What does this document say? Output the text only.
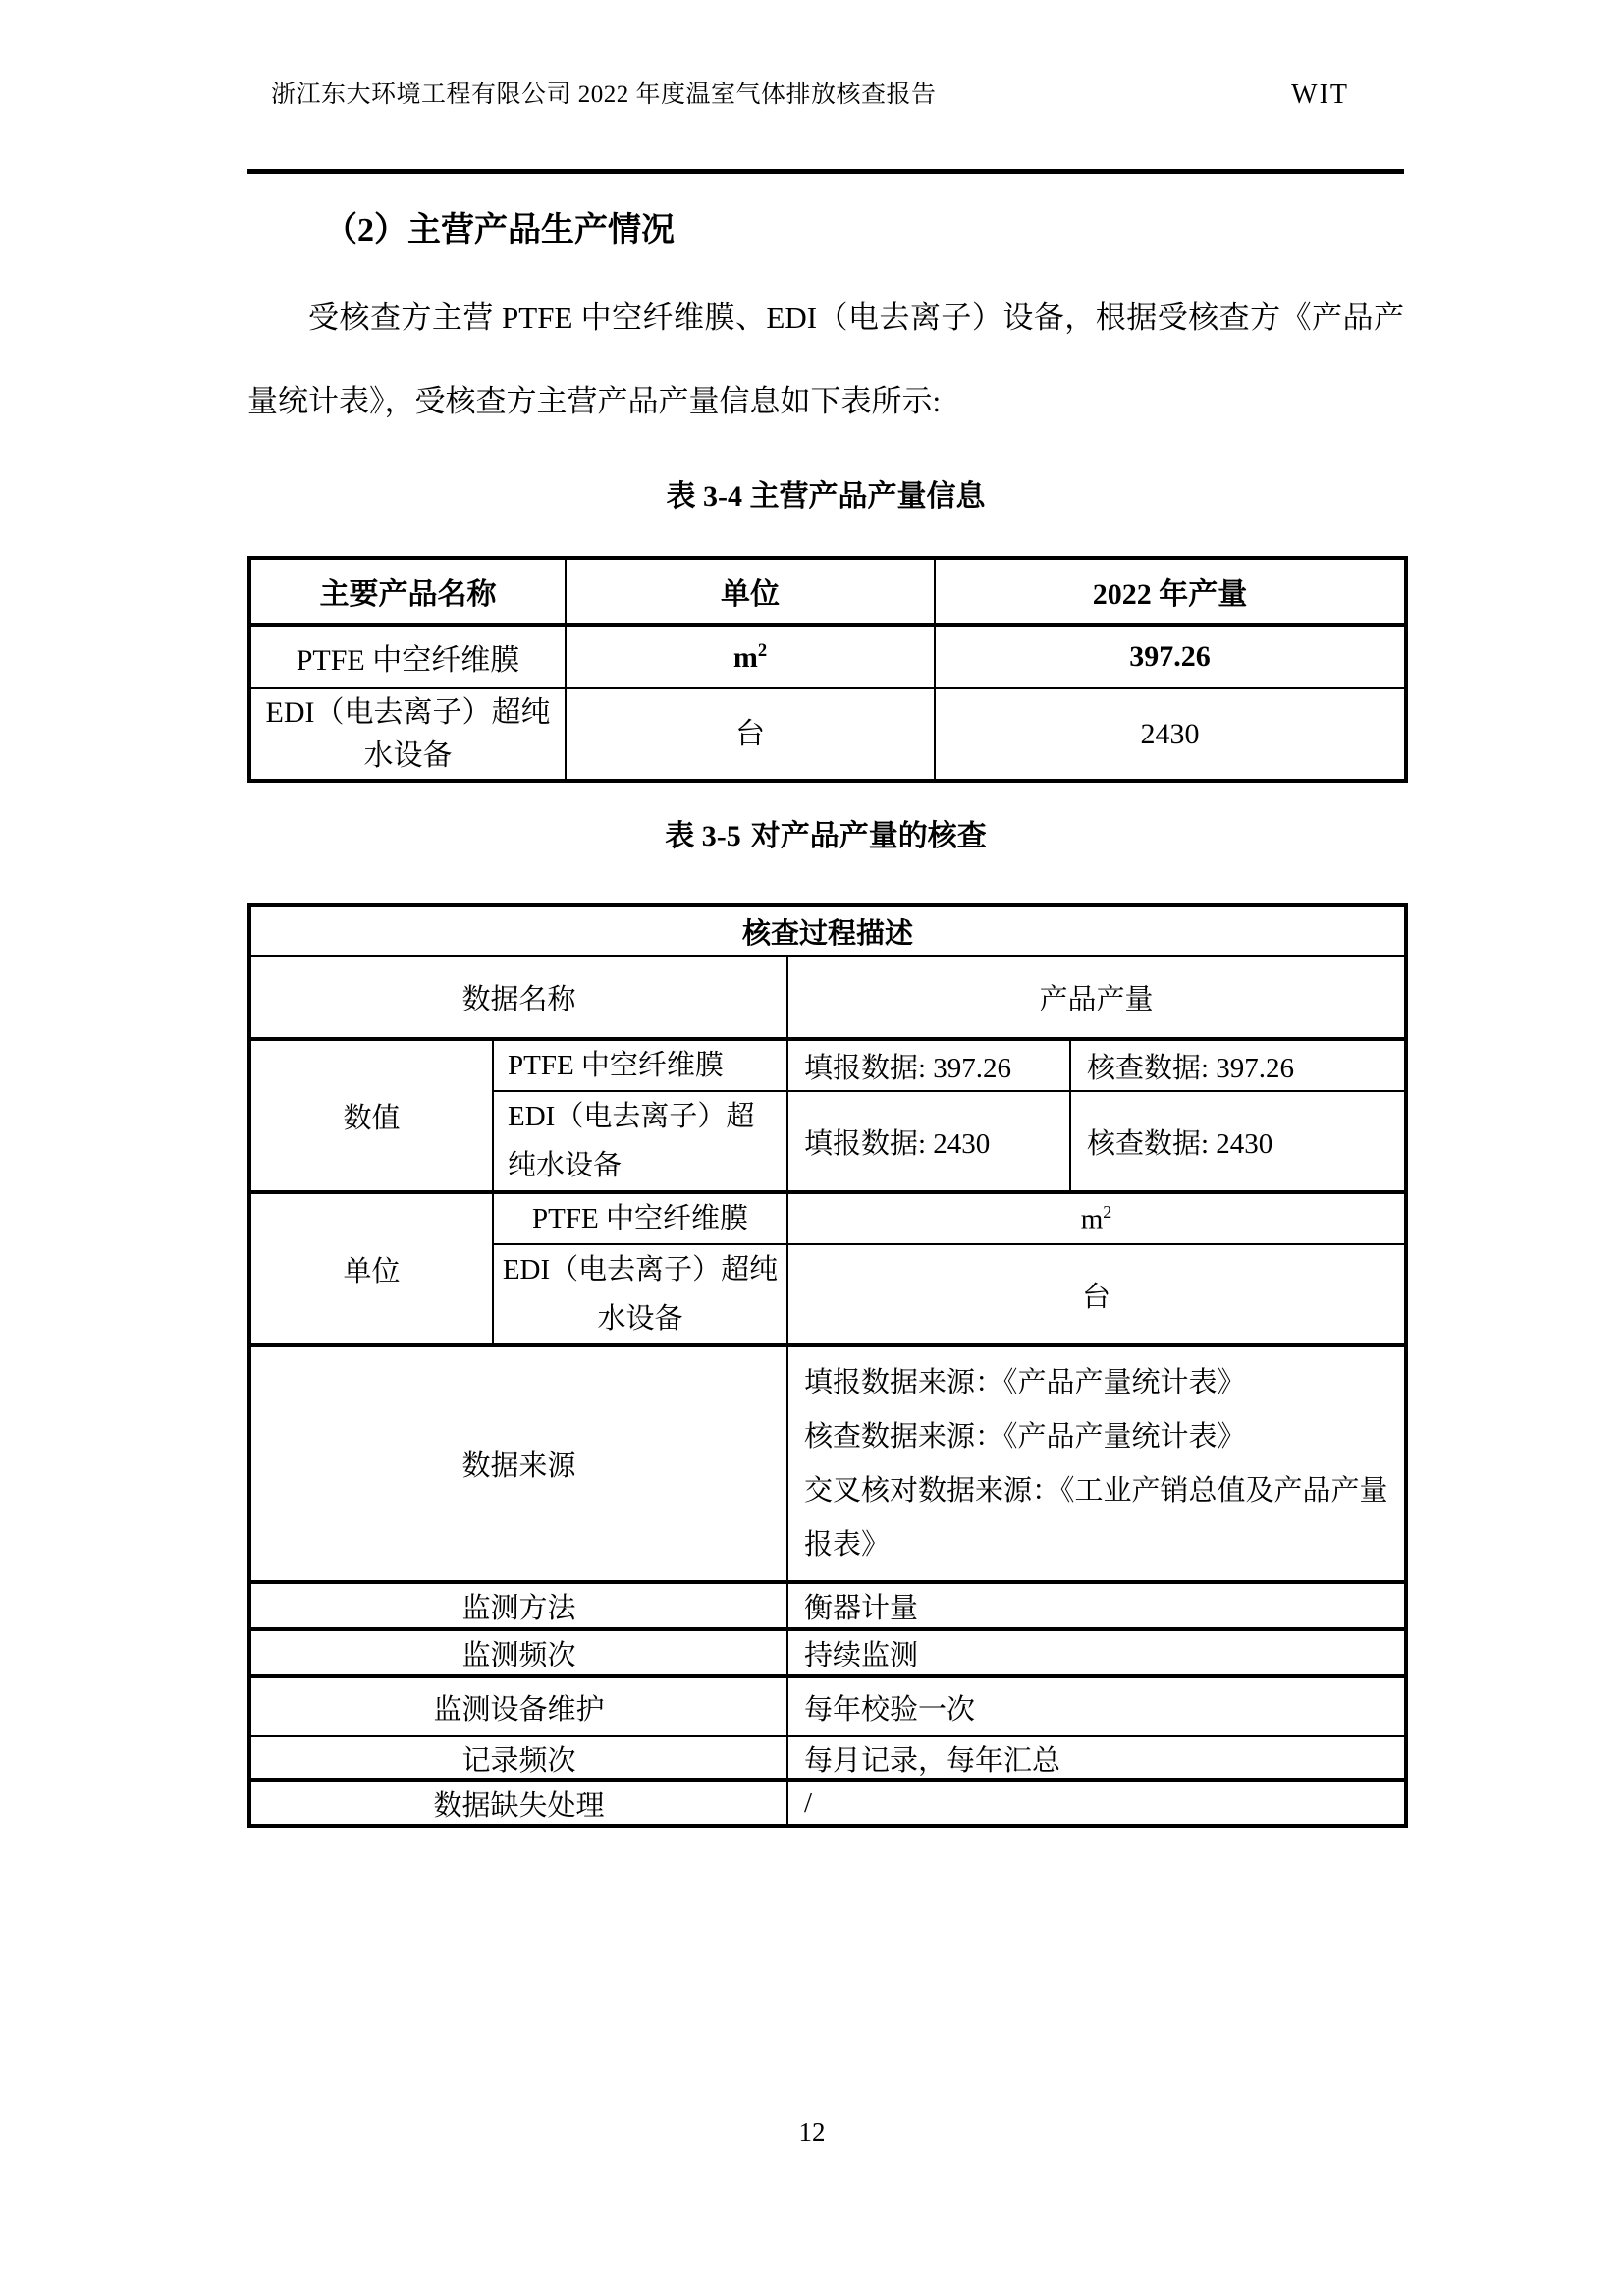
浙江东大环境工程有限公司 2022 年度温室气体排放核查报告	WIT
（2）主营产品生产情况

受核查方主营 PTFE 中空纤维膜、EDI（电去离子）设备，根据受核查方《产品产量统计表》，受核查方主营产品产量信息如下表所示:

表 3-4 主营产品产量信息
主要产品名称	单位	2022 年产量
PTFE 中空纤维膜	$m^2$	397.26
EDI（电去离子）超纯水设备	台	2430
表 3-5 对产品产量的核查
核查过程描述			
数据名称		产品产量	
数值	PTFE 中空纤维膜	填报数据: 397.26	核查数据: 397.26
	EDI（电去离子）超纯水设备	填报数据: 2430	核查数据: 2430
单位	PTFE 中空纤维膜	$m^2$
	EDI（电去离子）超纯水设备	台	
数据来源		填报数据来源：《产品产量统计表》
核查数据来源：《产品产量统计表》
交叉核对数据来源：《工业产销总值及产品产量报表》	

监测方法		衡器计量	
监测频次		持续监测	
监测设备维护		每年校验一次	
记录频次		每月记录，每年汇总	
数据缺失处理		/	
12
